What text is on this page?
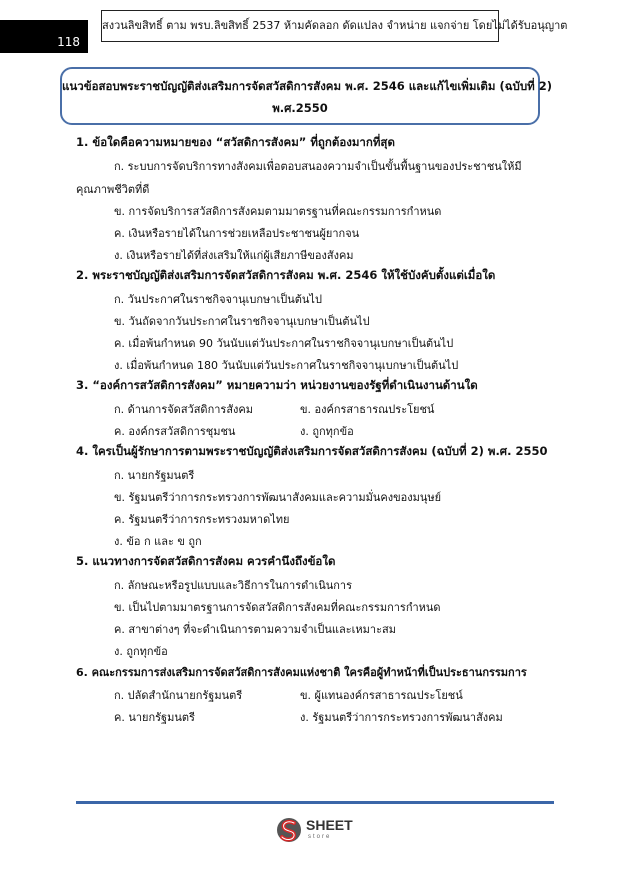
118
สงวนลิขสิทธิ์ ตาม พรบ.ลิขสิทธิ์ 2537 ห้ามคัดลอก ดัดแปลง จำหน่าย แจกจ่าย โดยไม่ได้รับอนุญาต
แนวข้อสอบพระราชบัญญัติส่งเสริมการจัดสวัสดิการสังคม พ.ศ. 2546 และแก้ไขเพิ่มเติม (ฉบับที่ 2)
พ.ศ.2550
1. ข้อใดคือความหมายของ “สวัสดิการสังคม” ที่ถูกต้องมากที่สุด
ก. ระบบการจัดบริการทางสังคมเพื่อตอบสนองความจำเป็นขั้นพื้นฐานของประชาชนให้มี
คุณภาพชีวิตที่ดี
ข. การจัดบริการสวัสดิการสังคมตามมาตรฐานที่คณะกรรมการกำหนด
ค. เงินหรือรายได้ในการช่วยเหลือประชาชนผู้ยากจน
ง. เงินหรือรายได้ที่ส่งเสริมให้แก่ผู้เสียภาษีของสังคม
2. พระราชบัญญัติส่งเสริมการจัดสวัสดิการสังคม พ.ศ. 2546 ให้ใช้บังคับตั้งแต่เมื่อใด
ก. วันประกาศในราชกิจจานุเบกษาเป็นต้นไป
ข. วันถัดจากวันประกาศในราชกิจจานุเบกษาเป็นต้นไป
ค. เมื่อพ้นกำหนด 90 วันนับแต่วันประกาศในราชกิจจานุเบกษาเป็นต้นไป
ง. เมื่อพ้นกำหนด 180 วันนับแต่วันประกาศในราชกิจจานุเบกษาเป็นต้นไป
3. “องค์การสวัสดิการสังคม” หมายความว่า หน่วยงานของรัฐที่ดำเนินงานด้านใด
ก. ด้านการจัดสวัสดิการสังคม	ข. องค์กรสาธารณประโยชน์
ค. องค์กรสวัสดิการชุมชน	ง. ถูกทุกข้อ
4. ใครเป็นผู้รักษาการตามพระราชบัญญัติส่งเสริมการจัดสวัสดิการสังคม (ฉบับที่ 2) พ.ศ. 2550
ก. นายกรัฐมนตรี
ข. รัฐมนตรีว่าการกระทรวงการพัฒนาสังคมและความมั่นคงของมนุษย์
ค. รัฐมนตรีว่าการกระทรวงมหาดไทย
ง. ข้อ ก และ ข ถูก
5. แนวทางการจัดสวัสดิการสังคม ควรคำนึงถึงข้อใด
ก. ลักษณะหรือรูปแบบและวิธีการในการดำเนินการ
ข. เป็นไปตามมาตรฐานการจัดสวัสดิการสังคมที่คณะกรรมการกำหนด
ค. สาขาต่างๆ ที่จะดำเนินการตามความจำเป็นและเหมาะสม
ง. ถูกทุกข้อ
6. คณะกรรมการส่งเสริมการจัดสวัสดิการสังคมแห่งชาติ ใครคือผู้ทำหน้าที่เป็นประธานกรรมการ
ก. ปลัดสำนักนายกรัฐมนตรี	ข. ผู้แทนองค์กรสาธารณประโยชน์
ค. นายกรัฐมนตรี	ง. รัฐมนตรีว่าการกระทรวงการพัฒนาสังคม
SHEET
store
